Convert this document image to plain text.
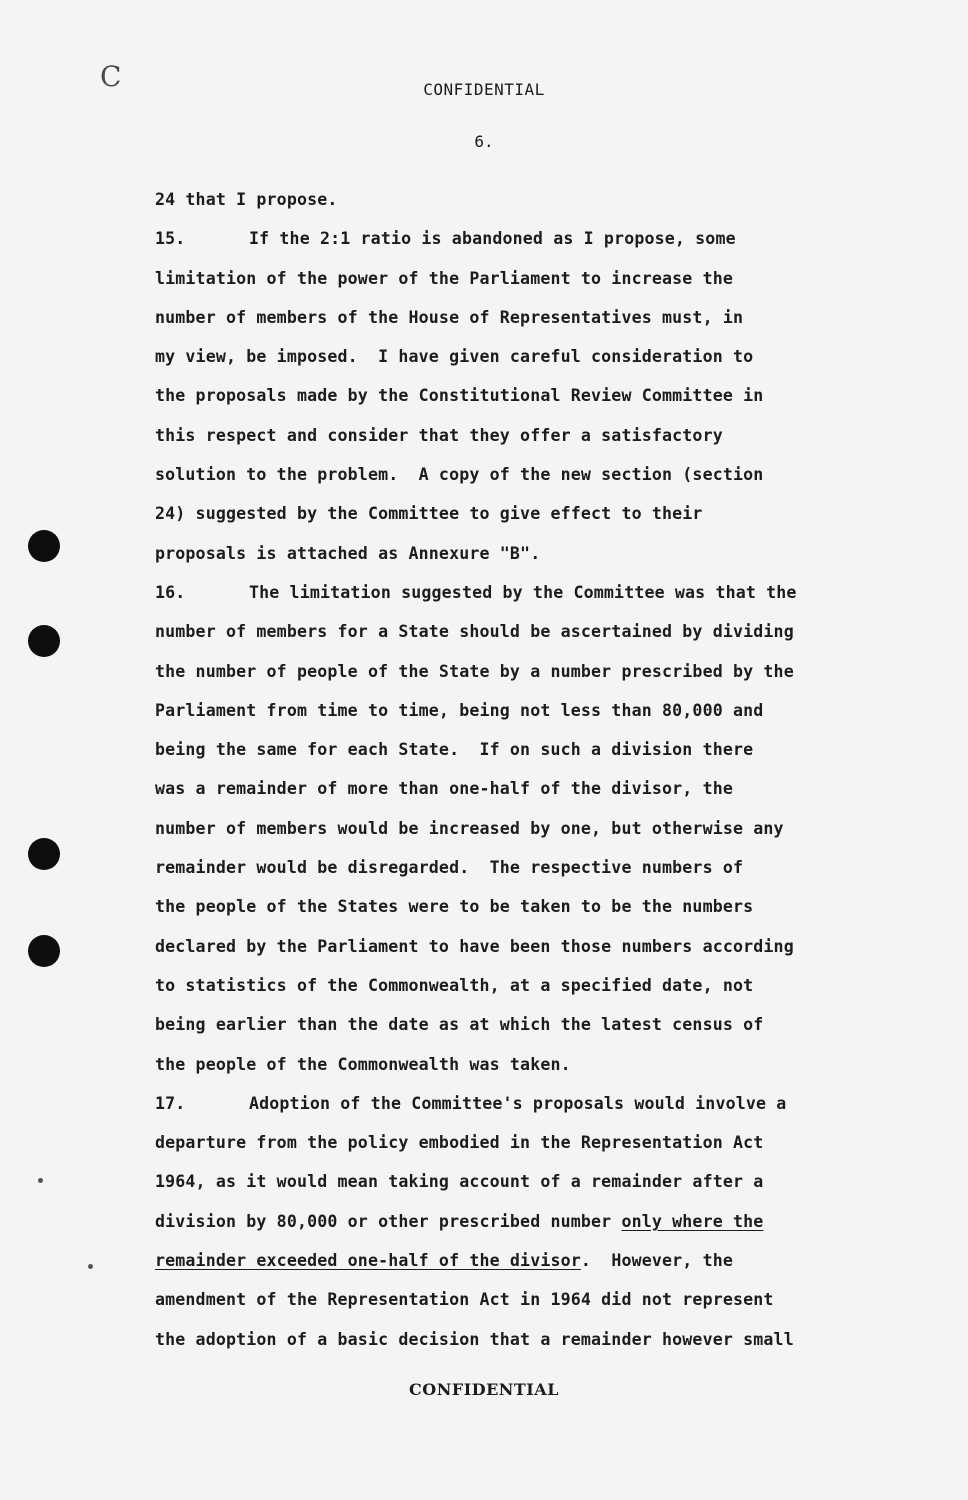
C	CONFIDENTIAL
6.
24 that I propose.
15.	If the 2:1 ratio is abandoned as I propose, some
limitation of the power of the Parliament to increase the
number of members of the House of Representatives must, in
my view, be imposed.  I have given careful consideration to
the proposals made by the Constitutional Review Committee in
this respect and consider that they offer a satisfactory
solution to the problem.  A copy of the new section (section
24) suggested by the Committee to give effect to their
proposals is attached as Annexure "B".
16.	The limitation suggested by the Committee was that the
number of members for a State should be ascertained by dividing
the number of people of the State by a number prescribed by the
Parliament from time to time, being not less than 80,000 and
being the same for each State.  If on such a division there
was a remainder of more than one-half of the divisor, the
number of members would be increased by one, but otherwise any
remainder would be disregarded.  The respective numbers of
the people of the States were to be taken to be the numbers
declared by the Parliament to have been those numbers according
to statistics of the Commonwealth, at a specified date, not
being earlier than the date as at which the latest census of
the people of the Commonwealth was taken.
17.	Adoption of the Committee's proposals would involve a
departure from the policy embodied in the Representation Act
1964, as it would mean taking account of a remainder after a
division by 80,000 or other prescribed number only where the
remainder exceeded one-half of the divisor.  However, the
amendment of the Representation Act in 1964 did not represent
the adoption of a basic decision that a remainder however small
CONFIDENTIAL
